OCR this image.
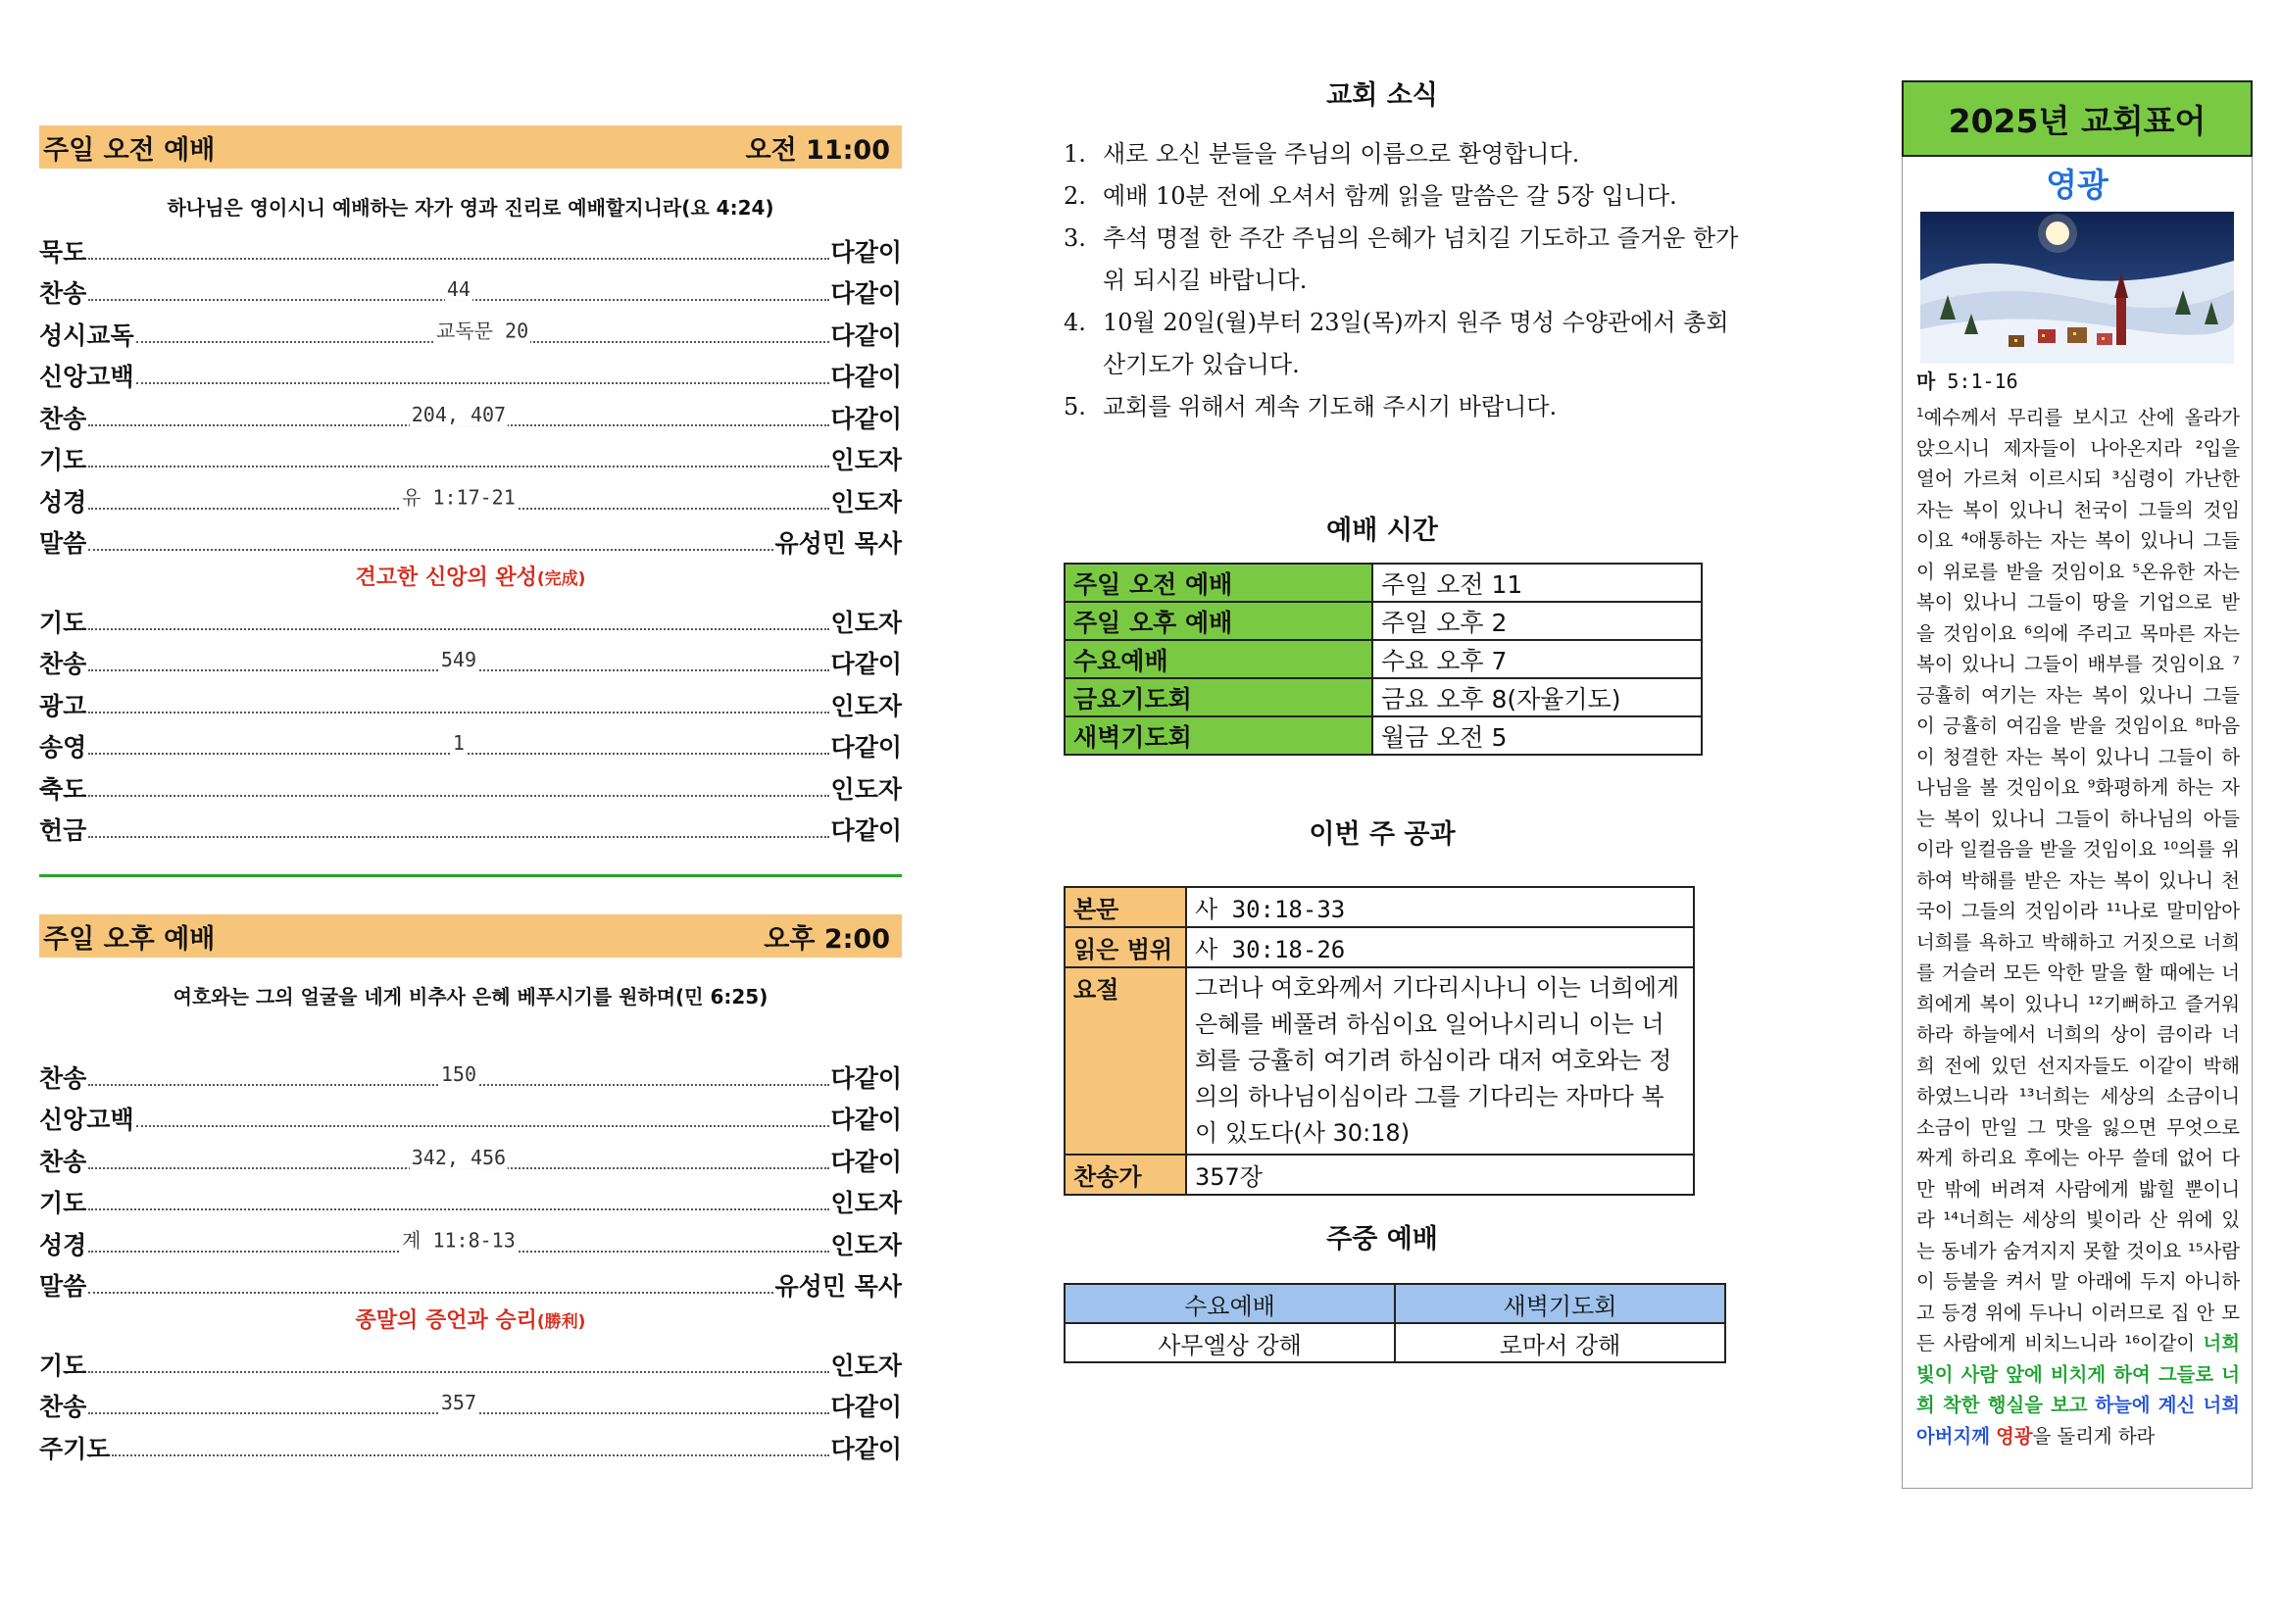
주일 오전 예배	오전 11:00
하나님은 영이시니 예배하는 자가 영과 진리로 예배할지니라(요 4:24)
묵도	다같이
찬송	44	다같이
성시교독	교독문 20	다같이
신앙고백	다같이
찬송	204, 407	다같이
기도	인도자
성경	유 1:17-21	인도자
말씀	유성민 목사
견고한 신앙의 완성(完成)
기도	인도자
찬송	549	다같이
광고	인도자
송영	1	다같이
축도	인도자
헌금	다같이
주일 오후 예배	오후 2:00
여호와는 그의 얼굴을 네게 비추사 은혜 베푸시기를 원하며(민 6:25)
찬송	150	다같이
신앙고백	다같이
찬송	342, 456	다같이
기도	인도자
성경	계 11:8-13	인도자
말씀	유성민 목사
종말의 증언과 승리(勝利)
기도	인도자
찬송	357	다같이
주기도	다같이
교회 소식
1. 새로 오신 분들을 주님의 이름으로 환영합니다.
2. 예배 10분 전에 오셔서 함께 읽을 말씀은 갈 5장 입니다.
3. 추석 명절 한 주간 주님의 은혜가 넘치길 기도하고 즐거운 한가위 되시길 바랍니다.
4. 10월 20일(월)부터 23일(목)까지 원주 명성 수양관에서 총회 산기도가 있습니다.
5. 교회를 위해서 계속 기도해 주시기 바랍니다.
예배 시간
주일 오전 예배	주일 오전 11
주일 오후 예배	주일 오후 2
수요예배	수요 오후 7
금요기도회	금요 오후 8(자율기도)
새벽기도회	월금 오전 5
이번 주 공과
본문	사 30:18-33
읽은 범위	사 30:18-26
요절	그러나 여호와께서 기다리시나니 이는 너희에게 은혜를 베풀려 하심이요 일어나시리니 이는 너희를 긍휼히 여기려 하심이라 대저 여호와는 정의의 하나님이심이라 그를 기다리는 자마다 복이 있도다(사 30:18)
찬송가	357장
주중 예배
수요예배	새벽기도회
사무엘상 강해	로마서 강해
2025년 교회표어
영광
마 5:1-16
$^1$예수께서 무리를 보시고 산에 올라가 앉으시니 제자들이 나아온지라 ²입을 열어 가르쳐 이르시되 ³심령이 가난한 자는 복이 있나니 천국이 그들의 것임이요 ⁴애통하는 자는 복이 있나니 그들이 위로를 받을 것임이요 ⁵온유한 자는 복이 있나니 그들이 땅을 기업으로 받을 것임이요 ⁶의에 주리고 목마른 자는 복이 있나니 그들이 배부를 것임이요 ⁷긍휼히 여기는 자는 복이 있나니 그들이 긍휼히 여김을 받을 것임이요 ⁸마음이 청결한 자는 복이 있나니 그들이 하나님을 볼 것임이요 ⁹화평하게 하는 자는 복이 있나니 그들이 하나님의 아들이라 일컬음을 받을 것임이요 ¹⁰의를 위하여 박해를 받은 자는 복이 있나니 천국이 그들의 것임이라 ¹¹나로 말미암아 너희를 욕하고 박해하고 거짓으로 너희를 거슬러 모든 악한 말을 할 때에는 너희에게 복이 있나니 ¹²기뻐하고 즐거워하라 하늘에서 너희의 상이 큼이라 너희 전에 있던 선지자들도 이같이 박해하였느니라 ¹³너희는 세상의 소금이니 소금이 만일 그 맛을 잃으면 무엇으로 짜게 하리요 후에는 아무 쓸데 없어 다만 밖에 버려져 사람에게 밟힐 뿐이니라 ¹⁴너희는 세상의 빛이라 산 위에 있는 동네가 숨겨지지 못할 것이요 ¹⁵사람이 등불을 켜서 말 아래에 두지 아니하고 등경 위에 두나니 이러므로 집 안 모든 사람에게 비치느니라 ¹⁶이같이 너희 빛이 사람 앞에 비치게 하여 그들로 너희 착한 행실을 보고 하늘에 계신 너희 아버지께 영광을 돌리게 하라
